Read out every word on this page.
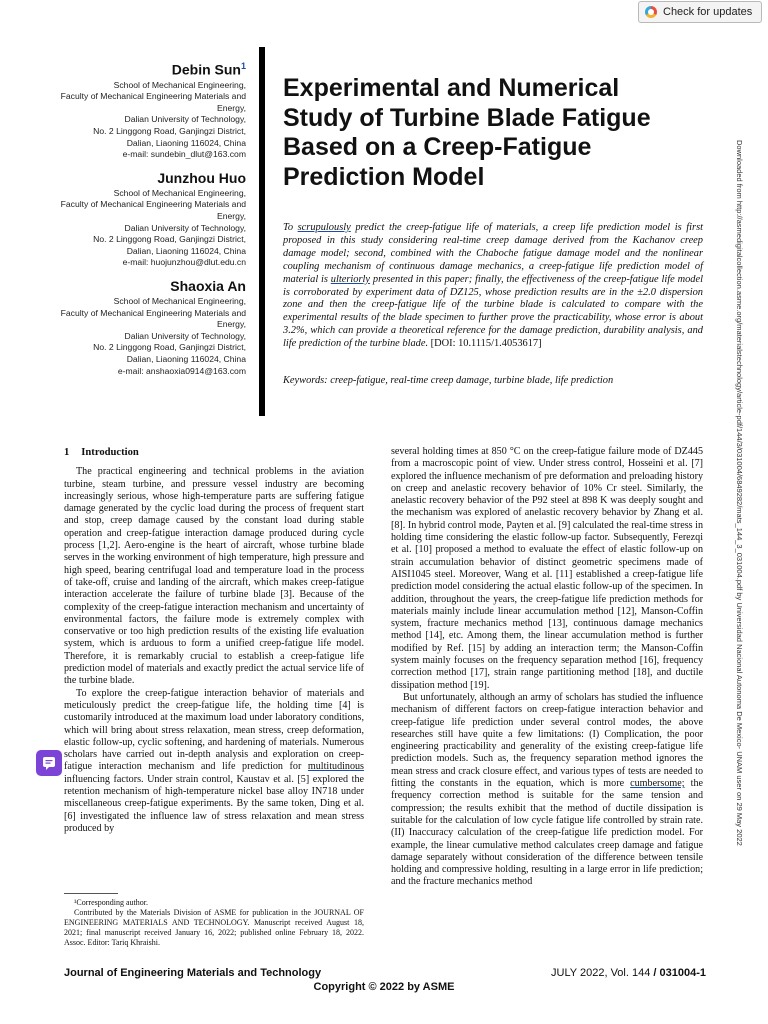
Check for updates
Debin Sun$^1$
School of Mechanical Engineering,
Faculty of Mechanical Engineering Materials and
Energy,
Dalian University of Technology,
No. 2 Linggong Road, Ganjingzi District,
Dalian, Liaoning 116024, China
e-mail: sundebin_dlut@163.com
Junzhou Huo
School of Mechanical Engineering,
Faculty of Mechanical Engineering Materials and
Energy,
Dalian University of Technology,
No. 2 Linggong Road, Ganjingzi District,
Dalian, Liaoning 116024, China
e-mail: huojunzhou@dlut.edu.cn
Shaoxia An
School of Mechanical Engineering,
Faculty of Mechanical Engineering Materials and
Energy,
Dalian University of Technology,
No. 2 Linggong Road, Ganjingzi District,
Dalian, Liaoning 116024, China
e-mail: anshaoxia0914@163.com
Experimental and Numerical
Study of Turbine Blade Fatigue
Based on a Creep-Fatigue
Prediction Model
To scrupulously predict the creep-fatigue life of materials, a creep life prediction model is first proposed in this study considering real-time creep damage derived from the Kachanov creep damage model; second, combined with the Chaboche fatigue damage model and the nonlinear coupling mechanism of continuous damage mechanics, a creep-fatigue life prediction model of material is ulteriorly presented in this paper; finally, the effectiveness of the creep-fatigue life model is corroborated by experiment data of DZ125, whose prediction results are in the ±2.0 dispersion zone and then the creep-fatigue life of the turbine blade is calculated to compare with the experimental results of the blade specimen to further prove the practicability, whose error is about 3.2%, which can provide a theoretical reference for the damage prediction, durability analysis, and life prediction of the turbine blade. [DOI: 10.1115/1.4053617]
Keywords: creep-fatigue, real-time creep damage, turbine blade, life prediction	Downloaded from http://asmedigitalcollection.asme.org/materialstechnology/article-pdf/144/3/031004/6849282/mats_144_3_031004.pdf by Universidad Nacional Autonoma De Mexico- UNAM user on 29 May 2022
1 Introduction

The practical engineering and technical problems in the aviation turbine, steam turbine, and pressure vessel industry are becoming increasingly serious, whose high-temperature parts are suffering fatigue damage generated by the cyclic load during the process of frequent start and stop, creep damage caused by the constant load during stable operation and creep-fatigue interaction damage produced during cycle process [1,2]. Aero-engine is the heart of aircraft, whose turbine blade serves in the working environment of high temperature, high pressure and high speed, bearing centrifugal load and temperature load in the process of take-off, cruise and landing of the aircraft, which makes creep-fatigue interaction accelerate the failure of turbine blade [3]. Because of the complexity of the creep-fatigue interaction mechanism and uncertainty of environmental factors, the failure mode is extremely complex with conservative or too high prediction results of the existing life evaluation system, which is arduous to form a unified creep-fatigue life model. Therefore, it is remarkably crucial to establish a creep-fatigue life prediction model of materials and exactly predict the actual service life of the turbine blade.

To explore the creep-fatigue interaction behavior of materials and meticulously predict the creep-fatigue life, the holding time [4] is customarily introduced at the maximum load under laboratory conditions, which will bring about stress relaxation, mean stress, creep deformation, elastic follow-up, cyclic softening, and hardening of materials. Numerous scholars have carried out in-depth analysis and exploration on creep-fatigue interaction mechanism and life prediction for multitudinous influencing factors. Under strain control, Kaustav et al. [5] explored the retention mechanism of high-temperature nickel base alloy IN718 under miscellaneous creep-fatigue experiments. By the same token, Ding et al. [6] investigated the influence law of stress relaxation and mean stress produced by

several holding times at 850 °C on the creep-fatigue failure mode of DZ445 from a macroscopic point of view. Under stress control, Hosseini et al. [7] explored the influence mechanism of pre deformation and preloading history on creep and anelastic recovery behavior of 10% Cr steel. Similarly, the anelastic recovery behavior of the P92 steel at 898 K was deeply sought and the mechanism was explored of anelastic recovery behavior by Zhang et al. [8]. In hybrid control mode, Payten et al. [9] calculated the real-time stress in holding time considering the elastic follow-up factor. Subsequently, Ferezqi et al. [10] proposed a method to evaluate the effect of elastic follow-up on strain accumulation behavior of distinct geometric specimens made of AISI1045 steel. Moreover, Wang et al. [11] established a creep-fatigue life prediction model considering the actual elastic follow-up of the specimen. In addition, throughout the years, the creep-fatigue life prediction methods for materials mainly include linear accumulation method [12], Manson-Coffin system, fracture mechanics method [13], continuous damage mechanics method [14], etc. Among them, the linear accumulation method is further modified by Ref. [15] by adding an interaction term; the Manson-Coffin system mainly focuses on the frequency separation method [16], frequency correction method [17], strain range partitioning method [18], and ductile dissipation method [19].

But unfortunately, although an army of scholars has studied the influence mechanism of different factors on creep-fatigue interaction behavior and creep-fatigue life prediction under several control modes, the above researches still have quite a few limitations: (I) Complication, the poor engineering practicability and generality of the existing creep-fatigue life prediction models. Such as, the frequency separation method ignores the mean stress and crack closure effect, and various types of tests are needed to fitting the constants in the equation, which is more cumbersome; the frequency correction method is suitable for the same tension and compression; the results exhibit that the method of ductile dissipation is suitable for the calculation of low cycle fatigue life controlled by strain rate. (II) Inaccuracy calculation of the creep-fatigue life prediction model. For example, the linear cumulative method calculates creep damage and fatigue damage separately without consideration of the difference between tensile holding and compressive holding, resulting in a large error in life prediction; and the fracture mechanics method

¹Corresponding author.

Contributed by the Materials Division of ASME for publication in the JOURNAL OF ENGINEERING MATERIALS AND TECHNOLOGY. Manuscript received August 18, 2021; final manuscript received January 16, 2022; published online February 18, 2022. Assoc. Editor: Tariq Khraishi.

Journal of Engineering Materials and Technology	JULY 2022, Vol. 144 / 031004-1
Copyright © 2022 by ASME
